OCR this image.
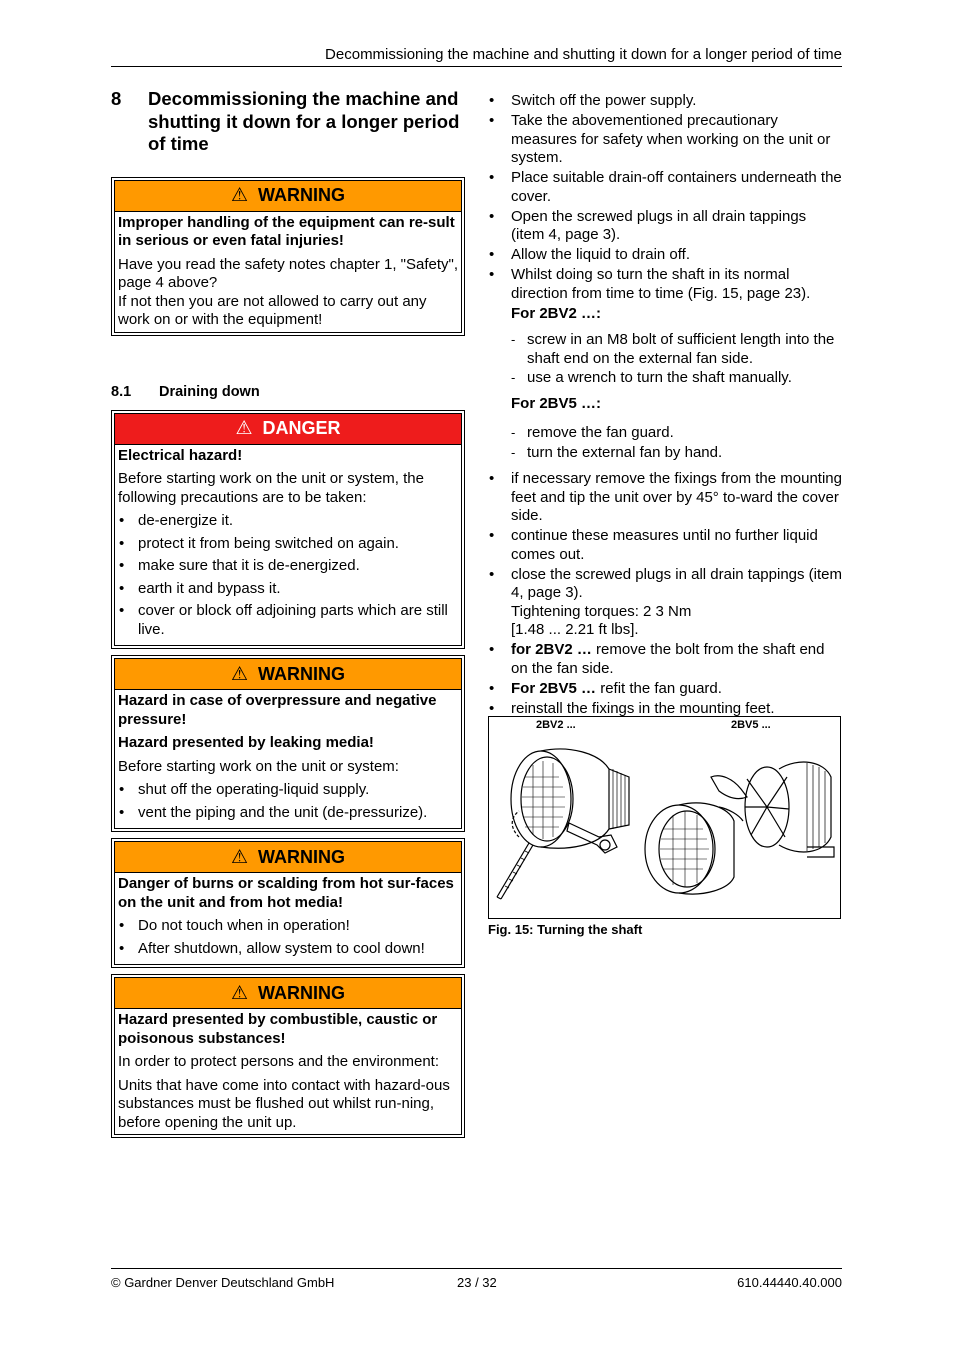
Decommissioning the machine and shutting it down for a longer period of time
8	Decommissioning the machine and shutting it down for a longer period of time
⚠ WARNING

Improper handling of the equipment can re-sult in serious or even fatal injuries!

Have you read the safety notes chapter 1, "Safety", page 4 above?
If not then you are not allowed to carry out any work on or with the equipment!
8.1	Draining down
⚠ DANGER

Electrical hazard!

Before starting work on the unit or system, the following precautions are to be taken:

• de-energize it.
• protect it from being switched on again.
• make sure that it is de-energized.
• earth it and bypass it.
• cover or block off adjoining parts which are still live.
⚠ WARNING

Hazard in case of overpressure and negative pressure!

Hazard presented by leaking media!

Before starting work on the unit or system:

• shut off the operating-liquid supply.
• vent the piping and the unit (de-pressurize).
⚠ WARNING

Danger of burns or scalding from hot sur-faces on the unit and from hot media!

• Do not touch when in operation!
• After shutdown, allow system to cool down!
⚠ WARNING

Hazard presented by combustible, caustic or poisonous substances!

In order to protect persons and the environment:

Units that have come into contact with hazard-ous substances must be flushed out whilst run-ning, before opening the unit up.
• Switch off the power supply.
• Take the abovementioned precautionary measures for safety when working on the unit or system.
• Place suitable drain-off containers underneath the cover.
• Open the screwed plugs in all drain tappings (item 4, page 3).
• Allow the liquid to drain off.
• Whilst doing so turn the shaft in its normal direction from time to time (Fig. 15, page 23).
For 2BV2 …:
- screw in an M8 bolt of sufficient length into the shaft end on the external fan side.
- use a wrench to turn the shaft manually.
For 2BV5 …:
- remove the fan guard.
- turn the external fan by hand.
• if necessary remove the fixings from the mounting feet and tip the unit over by 45° to-ward the cover side.
• continue these measures until no further liquid comes out.
• close the screwed plugs in all drain tappings (item 4, page 3).
Tightening torques: 2 3 Nm
[1.48 ... 2.21 ft lbs].
• for 2BV2 … remove the bolt from the shaft end on the fan side.
• For 2BV5 … refit the fan guard.
• reinstall the fixings in the mounting feet.
2BV2 ...	2BV5 ...
Fig. 15: Turning the shaft
© Gardner Denver Deutschland GmbH	23 / 32	610.44440.40.000
